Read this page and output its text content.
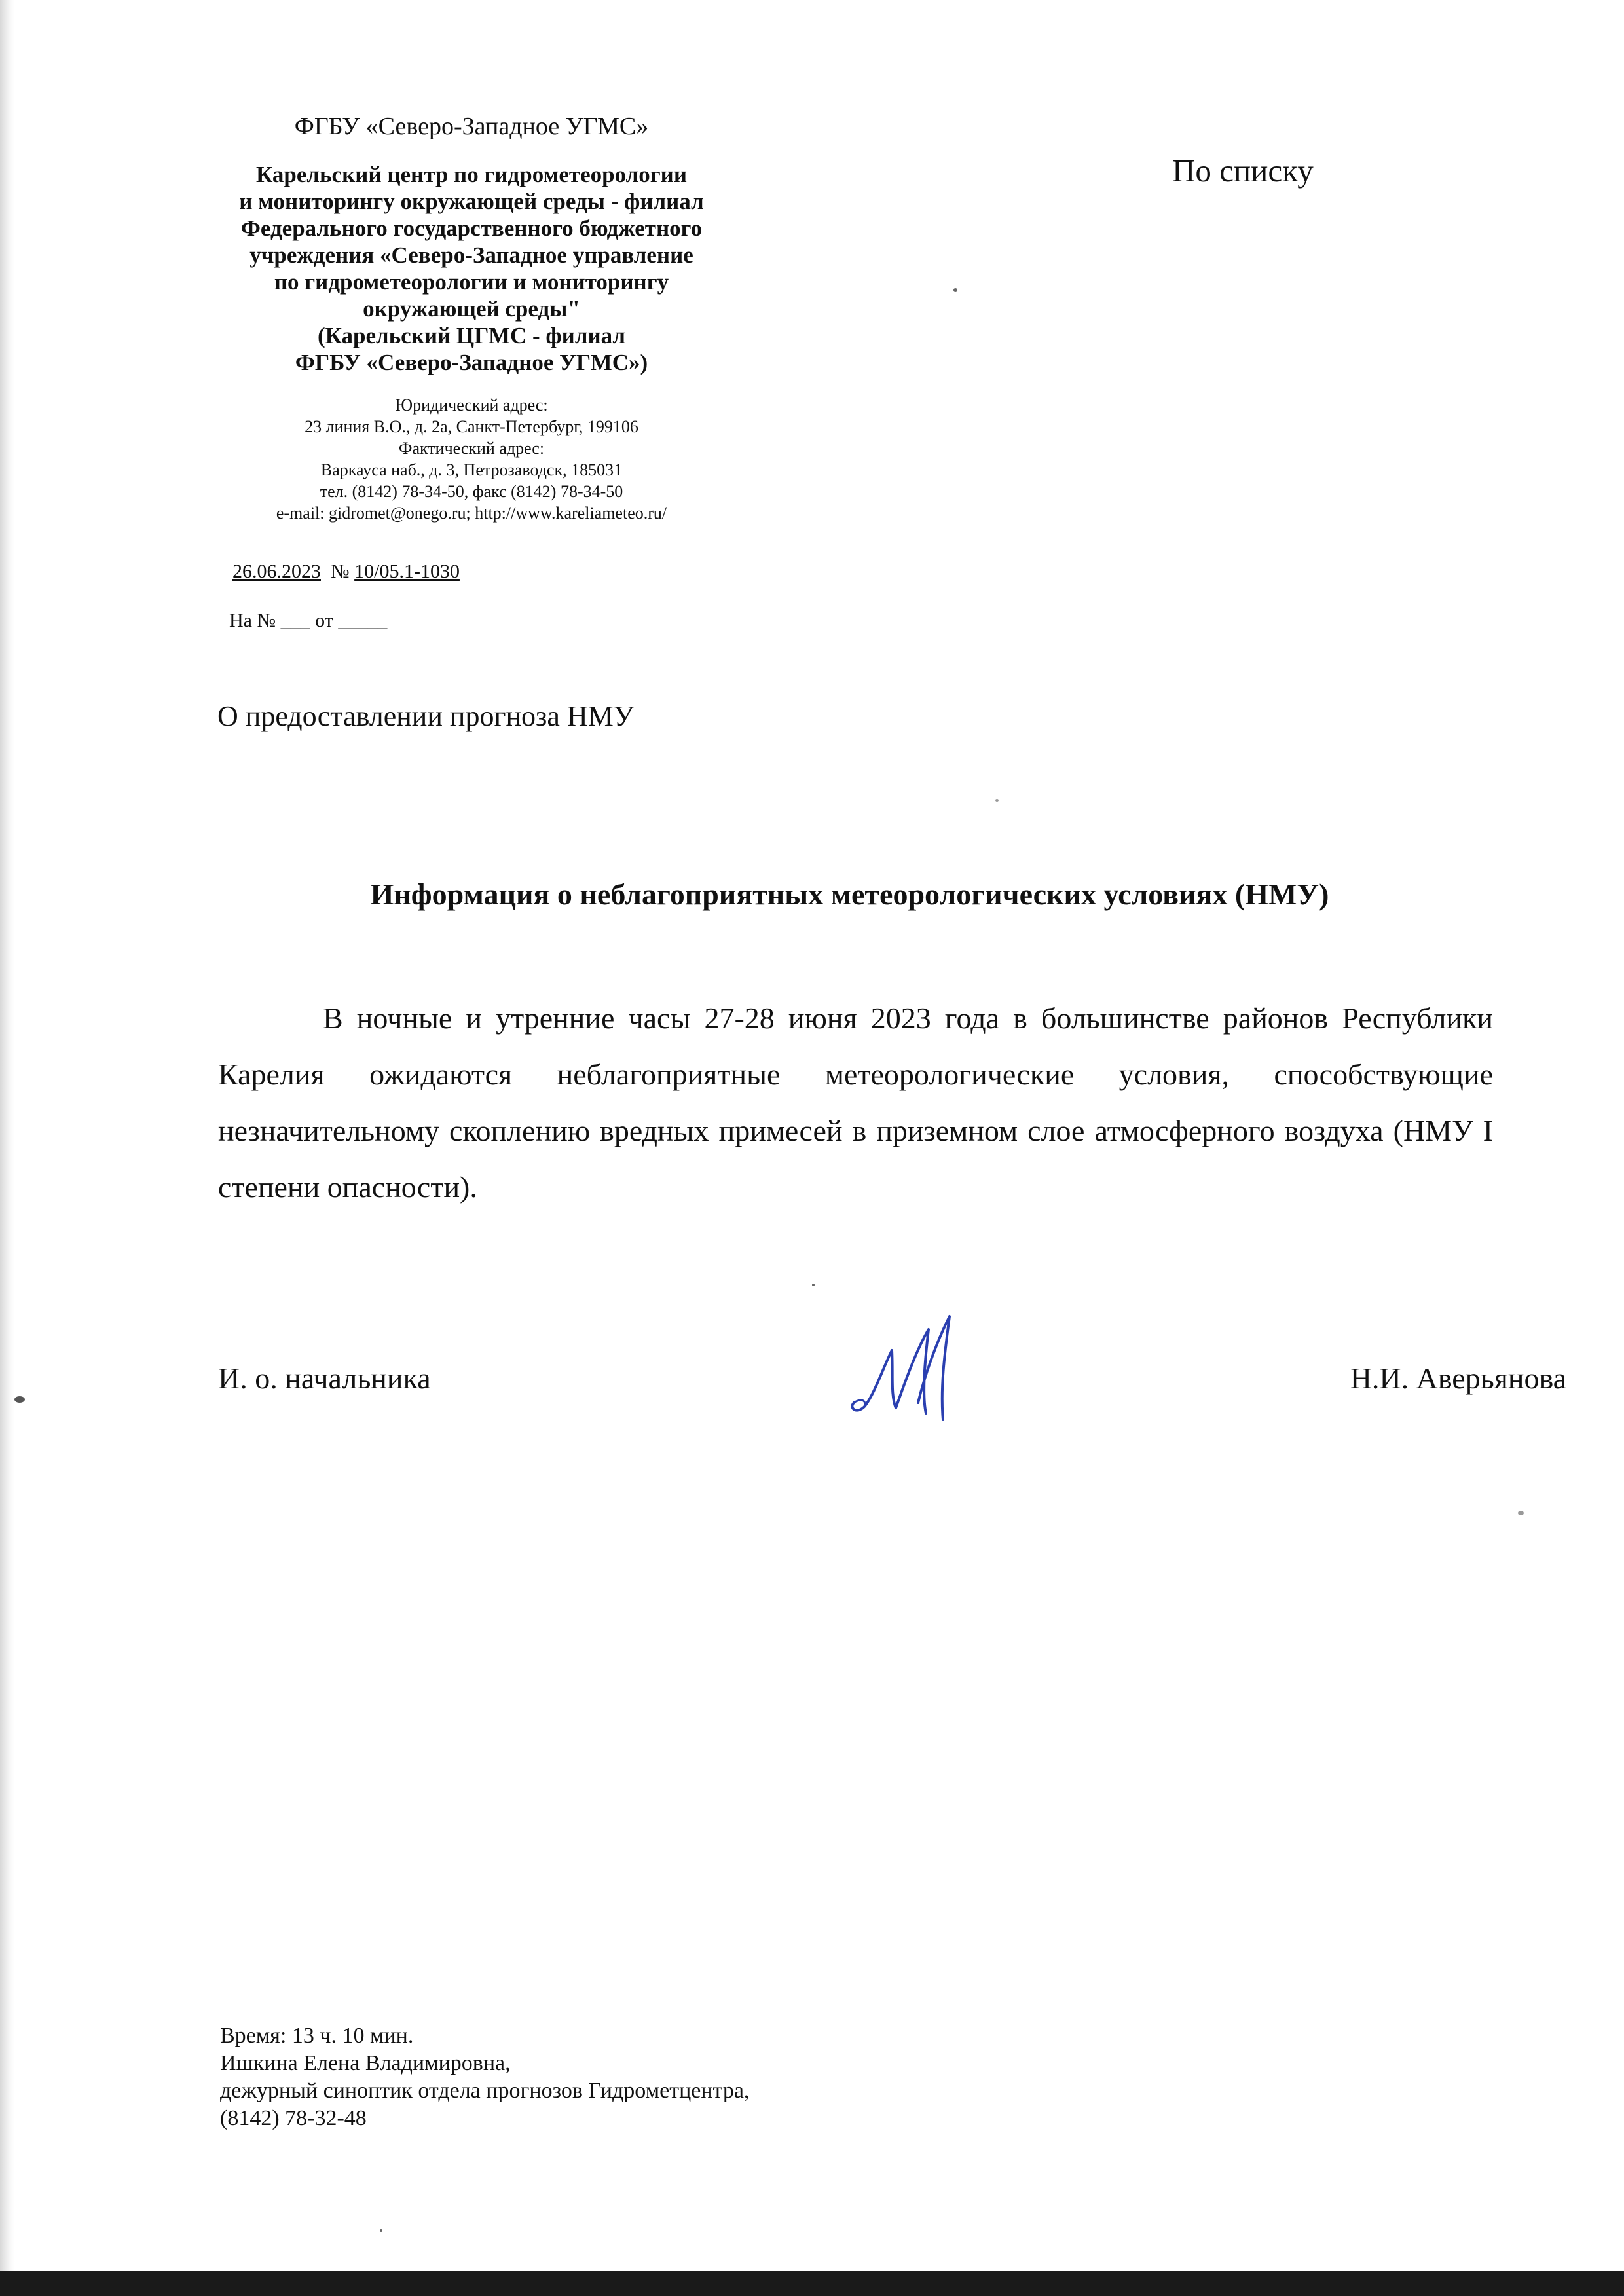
ФГБУ «Северо-Западное УГМС»

Карельский центр по гидрометеорологии
и мониторингу окружающей среды - филиал
Федерального государственного бюджетного
учреждения «Северо-Западное управление
по гидрометеорологии и мониторингу
окружающей среды"
(Карельский ЦГМС - филиал
ФГБУ «Северо-Западное УГМС»)

Юридический адрес:
23 линия В.О., д. 2а, Санкт-Петербург, 199106
Фактический адрес:
Варкауса наб., д. 3, Петрозаводск, 185031
тел. (8142) 78-34-50, факс (8142) 78-34-50
e-mail: gidromet@onego.ru; http://www.kareliameteo.ru/
26.06.2023 № 10/05.1-1030
На № ___ от _____
По списку
О предоставлении прогноза НМУ
Информация о неблагоприятных метеорологических условиях (НМУ)

В ночные и утренние часы 27-28 июня 2023 года в большинстве районов Республики Карелия ожидаются неблагоприятные метеорологические условия, способствующие незначительному скоплению вредных примесей в приземном слое атмосферного воздуха (НМУ I степени опасности).

И. о. начальника	Н.И. Аверьянова
Время: 13 ч. 10 мин.
Ишкина Елена Владимировна,
дежурный синоптик отдела прогнозов Гидрометцентра,
(8142) 78-32-48
